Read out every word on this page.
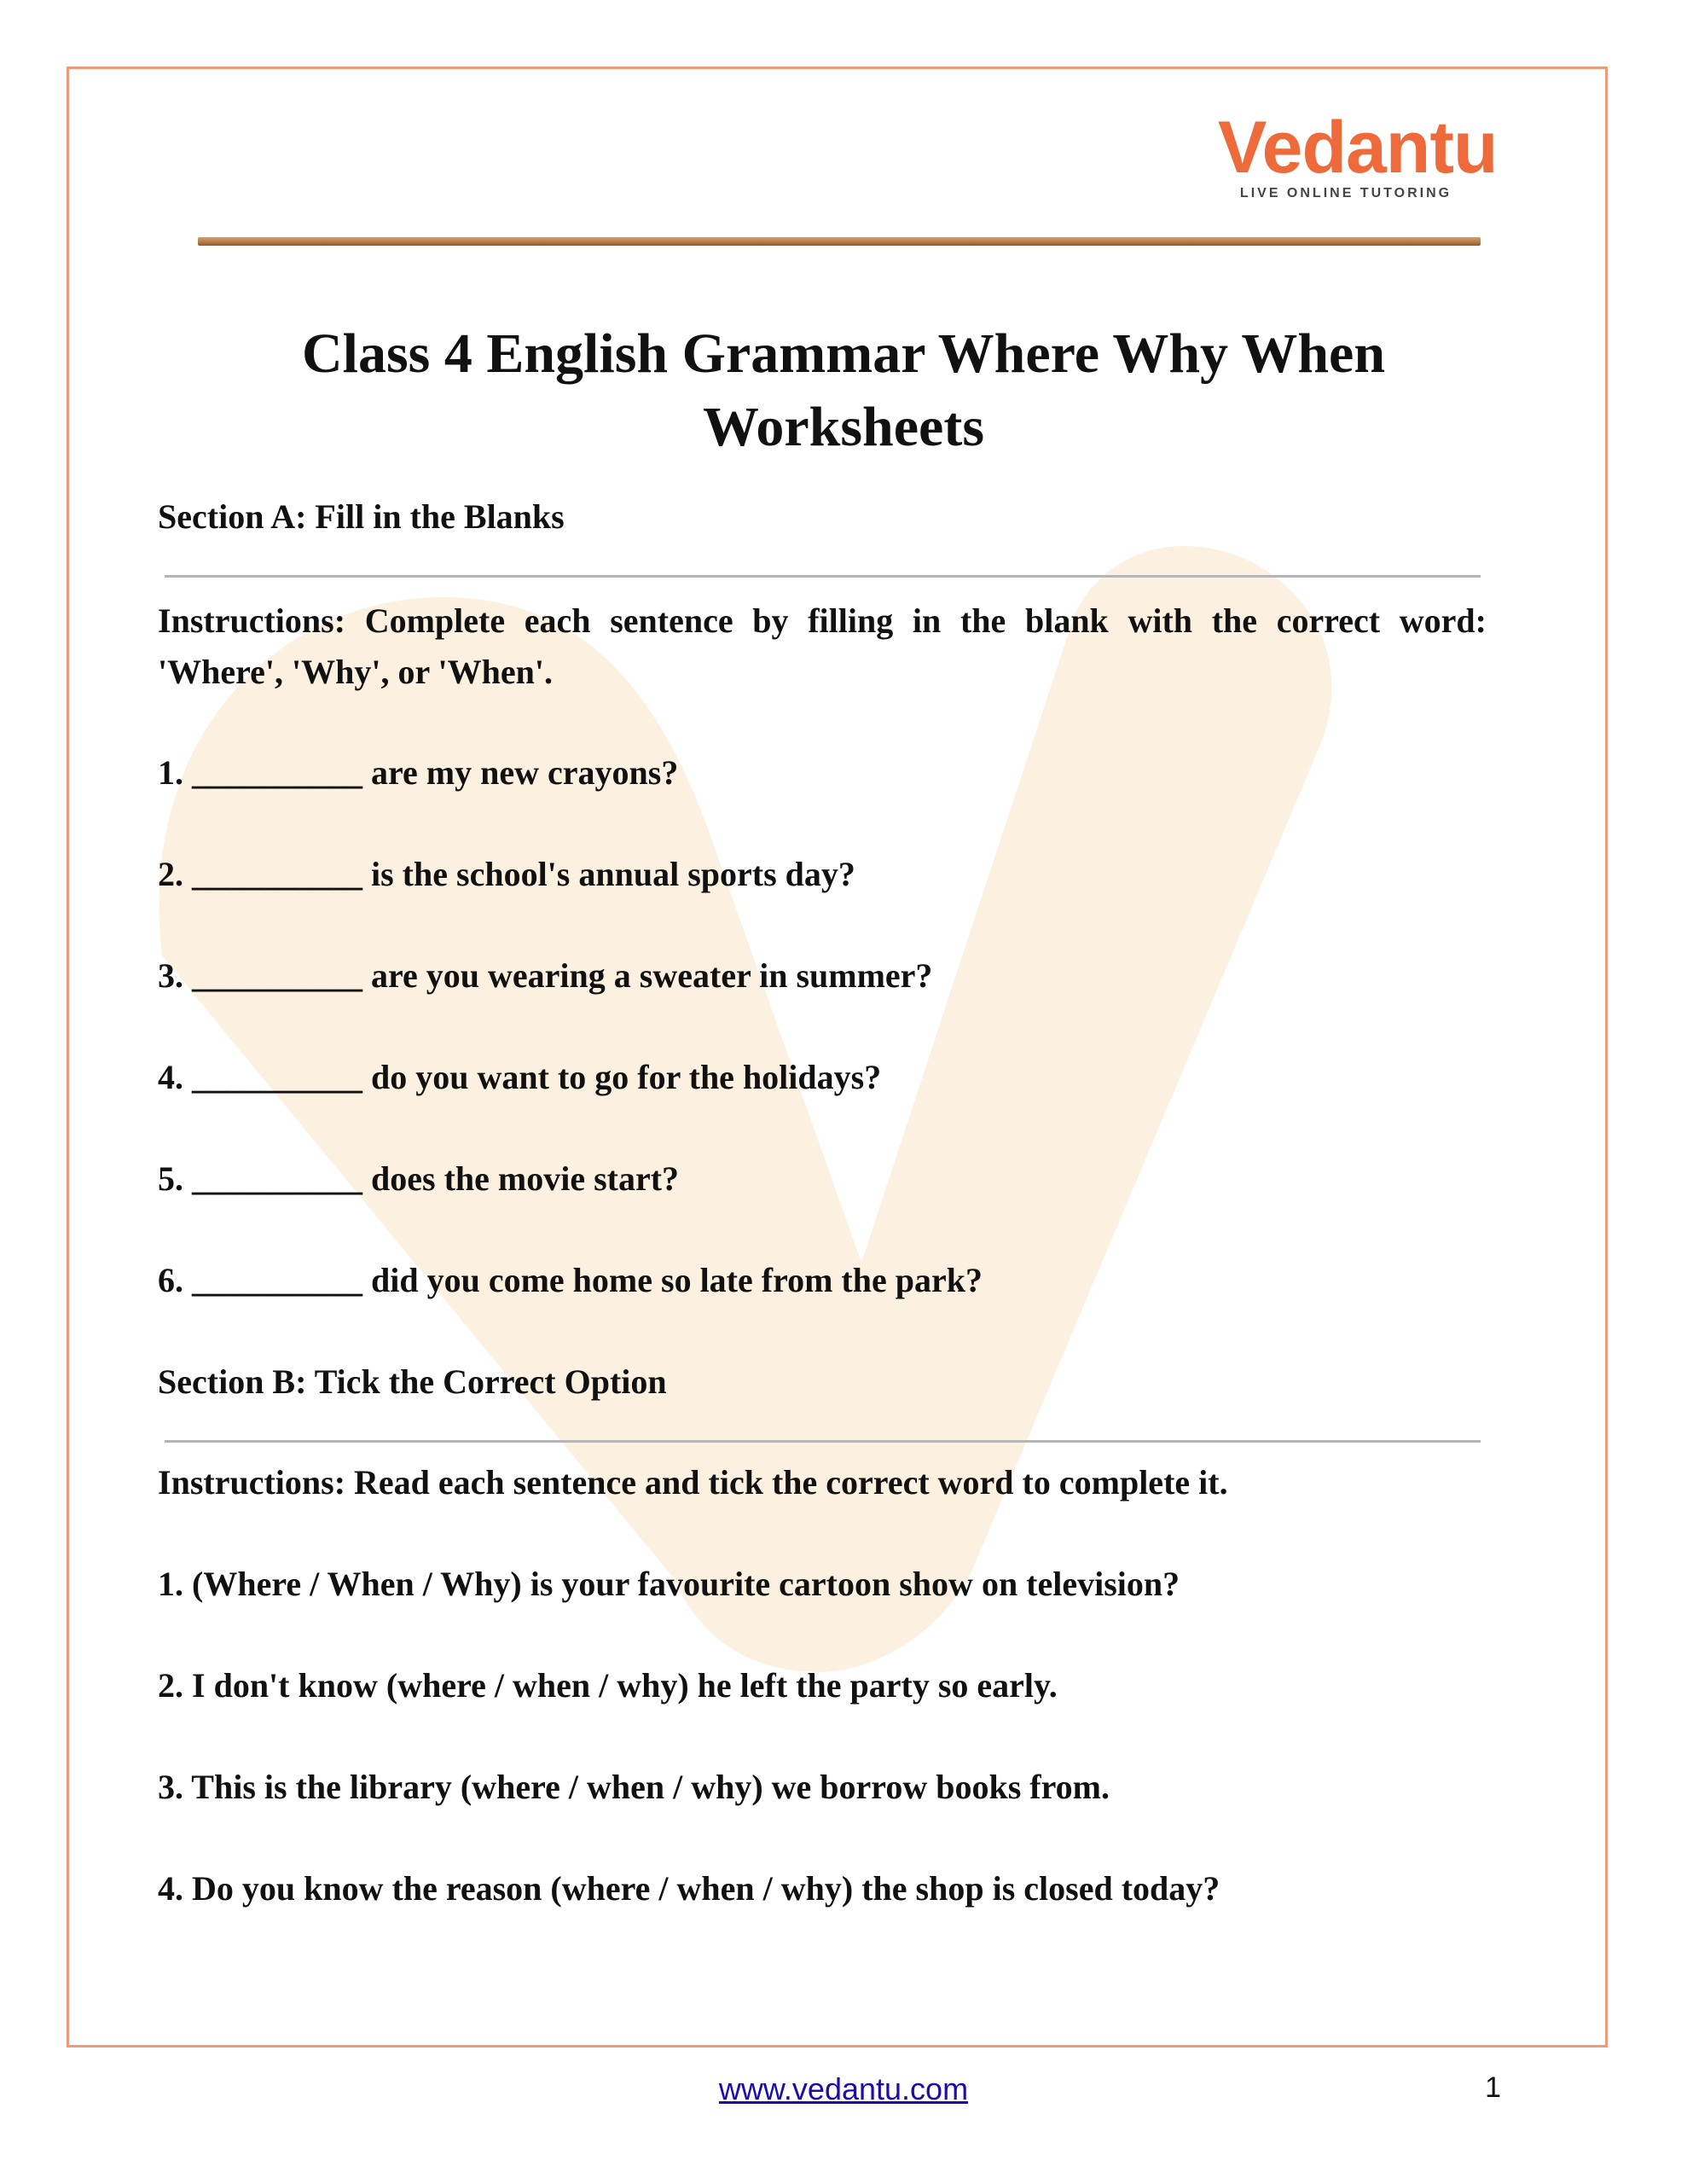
Vedantu
LIVE ONLINE TUTORING
Class 4 English Grammar Where Why When
Worksheets
Section A: Fill in the Blanks
Instructions: Complete each sentence by filling in the blank with the correct word: 'Where', 'Why', or 'When'.
1. __________ are my new crayons?
2. __________ is the school's annual sports day?
3. __________ are you wearing a sweater in summer?
4. __________ do you want to go for the holidays?
5. __________ does the movie start?
6. __________ did you come home so late from the park?
Section B: Tick the Correct Option
Instructions: Read each sentence and tick the correct word to complete it.
1. (Where / When / Why) is your favourite cartoon show on television?
2. I don't know (where / when / why) he left the party so early.
3. This is the library (where / when / why) we borrow books from.
4. Do you know the reason (where / when / why) the shop is closed today?
www.vedantu.com	1
